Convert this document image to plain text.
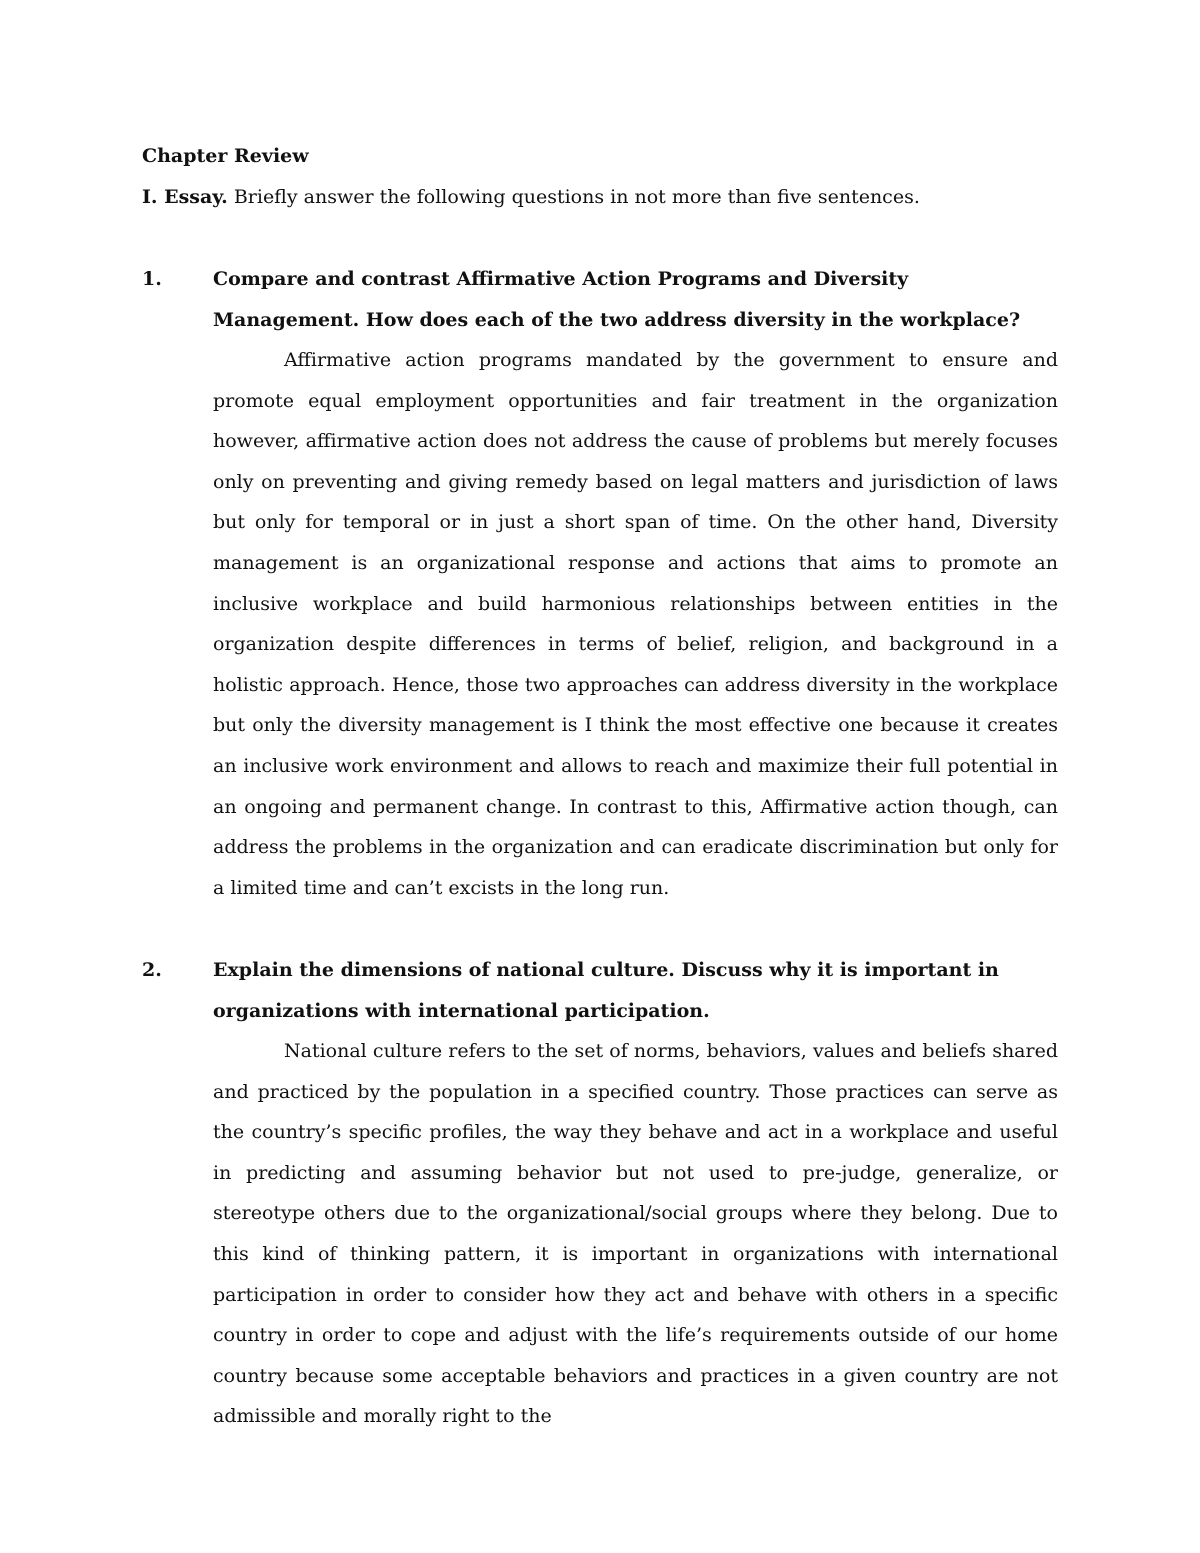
Chapter Review

I. Essay. Briefly answer the following questions in not more than five sentences.

1.	Compare and contrast Affirmative Action Programs and Diversity Management. How does each of the two address diversity in the workplace?

Affirmative action programs mandated by the government to ensure and promote equal employment opportunities and fair treatment in the organization however, affirmative action does not address the cause of problems but merely focuses only on preventing and giving remedy based on legal matters and jurisdiction of laws but only for temporal or in just a short span of time. On the other hand, Diversity management is an organizational response and actions that aims to promote an inclusive workplace and build harmonious relationships between entities in the organization despite differences in terms of belief, religion, and background in a holistic approach. Hence, those two approaches can address diversity in the workplace but only the diversity management is I think the most effective one because it creates an inclusive work environment and allows to reach and maximize their full potential in an ongoing and permanent change. In contrast to this, Affirmative action though, can address the problems in the organization and can eradicate discrimination but only for a limited time and can’t excists in the long run.

2.	Explain the dimensions of national culture. Discuss why it is important in organizations with international participation.

National culture refers to the set of norms, behaviors, values and beliefs shared and practiced by the population in a specified country. Those practices can serve as the country’s specific profiles, the way they behave and act in a workplace and useful in predicting and assuming behavior but not used to pre-judge, generalize, or stereotype others due to the organizational/social groups where they belong. Due to this kind of thinking pattern, it is important in organizations with international participation in order to consider how they act and behave with others in a specific country in order to cope and adjust with the life’s requirements outside of our home country because some acceptable behaviors and practices in a given country are not admissible and morally right to the
